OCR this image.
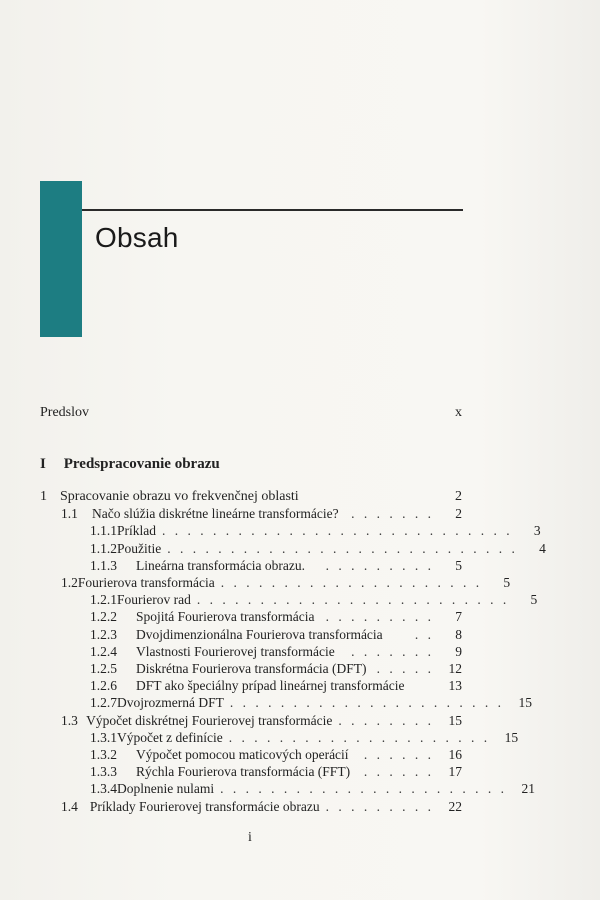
Obsah
Predslov	x
I Predspracovanie obrazu
1 Spracovanie obrazu vo frekvenčnej oblasti	2
1.1	Načo slúžia diskrétne lineárne transformácie? . . . . . . .	2
1.1.1 Príklad . . . . . . . . . . . . . . . . . . . . . . . . . . . .	3
1.1.2 Použitie . . . . . . . . . . . . . . . . . . . . . . . . . . . .	4
1.1.3	Lineárna transformácia obrazu.	. . . . . . . . .	5
1.2 Fourierova transformácia . . . . . . . . . . . . . . . . . . . . .	5
1.2.1 Fourierov rad . . . . . . . . . . . . . . . . . . . . . . . . .	5
1.2.2	Spojitá Fourierova transformácia . . . . . . . . .	7
1.2.3	Dvojdimenzionálna Fourierova transformácia	. .	8
1.2.4	Vlastnosti Fourierovej transformácie	. . . . . . .	9
1.2.5	Diskrétna Fourierova transformácia (DFT) . . . . .	12
1.2.6	DFT ako špeciálny prípad lineárnej transformácie	13
1.2.7 Dvojrozmerná DFT . . . . . . . . . . . . . . . . . . . . . .	15
1.3 Výpočet diskrétnej Fourierovej transformácie . . . . . . . .	15
1.3.1 Výpočet z definície . . . . . . . . . . . . . . . . . . . . .	15
1.3.2	Výpočet pomocou maticových operácií	. . . . . .	16
1.3.3	Rýchla Fourierova transformácia (FFT)	. . . . . .	17
1.3.4 Doplnenie nulami . . . . . . . . . . . . . . . . . . . . . . .	21
1.4 Príklady Fourierovej transformácie obrazu . . . . . . . . .	22
i
